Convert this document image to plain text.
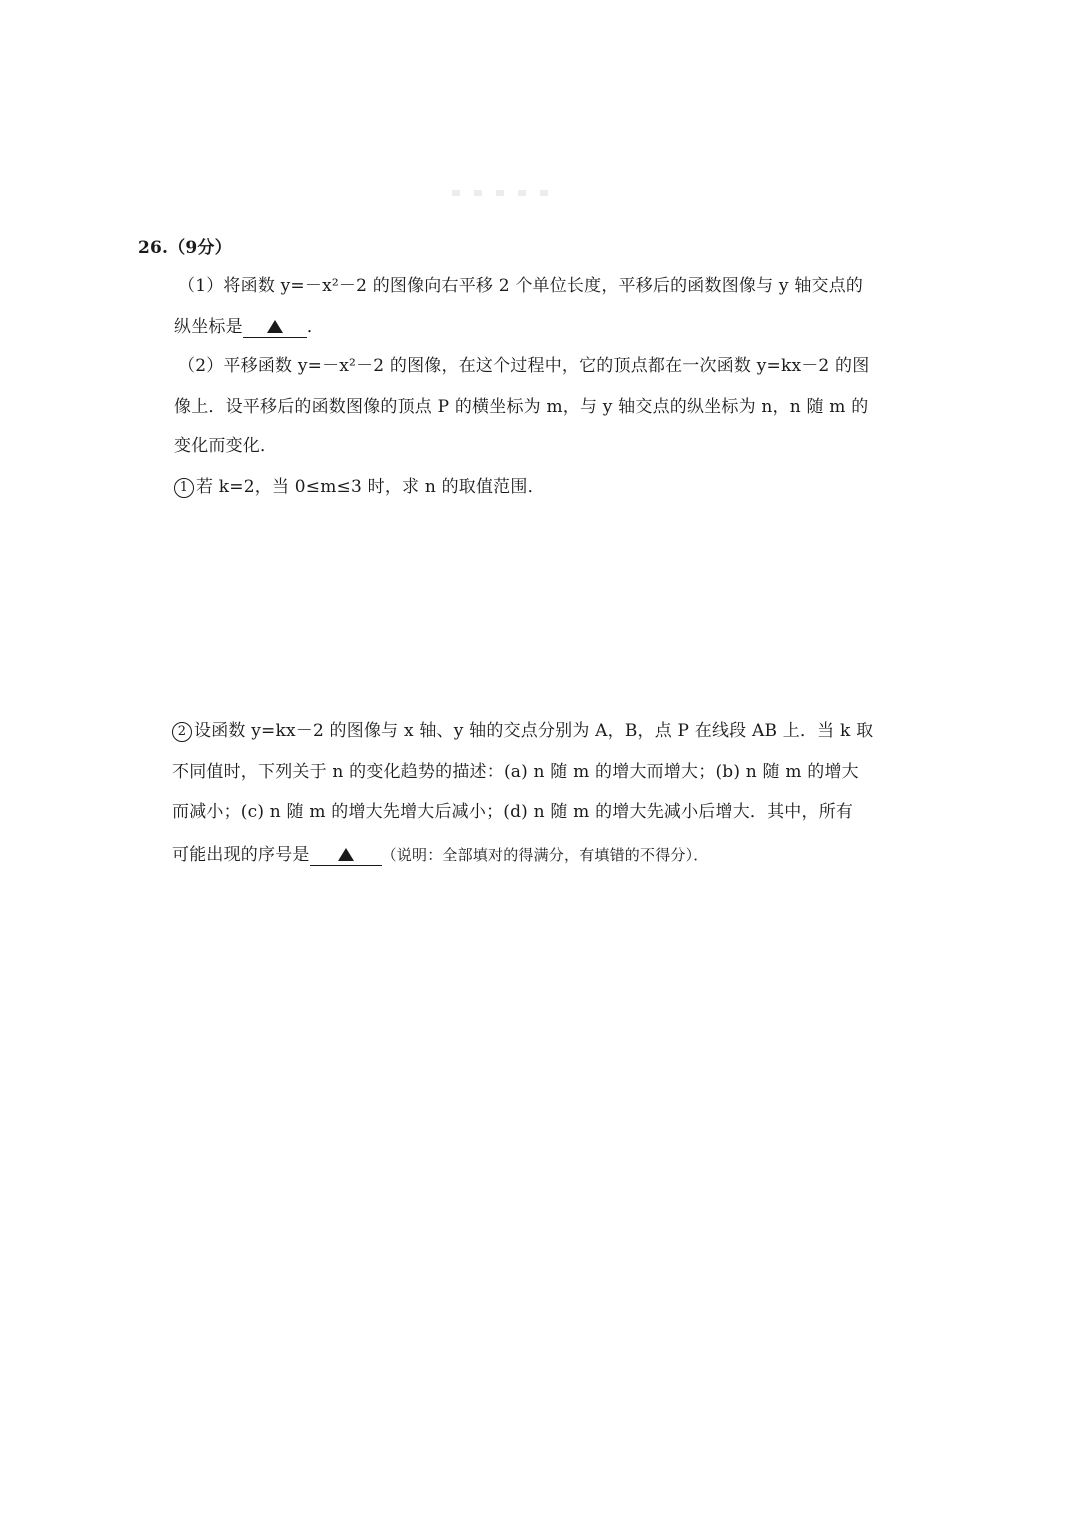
26.（9分）
（1）将函数 y=－x²－2 的图像向右平移 2 个单位长度，平移后的函数图像与 y 轴交点的
纵坐标是	．
（2）平移函数 y=－x²－2 的图像，在这个过程中，它的顶点都在一次函数 y=kx－2 的图
像上．设平移后的函数图像的顶点 P 的横坐标为 m，与 y 轴交点的纵坐标为 n，n 随 m 的
变化而变化．
1 若 k=2，当 0≤m≤3 时，求 n 的取值范围．
2 设函数 y=kx－2 的图像与 x 轴、y 轴的交点分别为 A，B，点 P 在线段 AB 上．当 k 取
不同值时，下列关于 n 的变化趋势的描述：(a) n 随 m 的增大而增大；(b) n 随 m 的增大
而减小；(c) n 随 m 的增大先增大后减小；(d) n 随 m 的增大先减小后增大．其中，所有
可能出现的序号是	（说明：全部填对的得满分，有填错的不得分）．
